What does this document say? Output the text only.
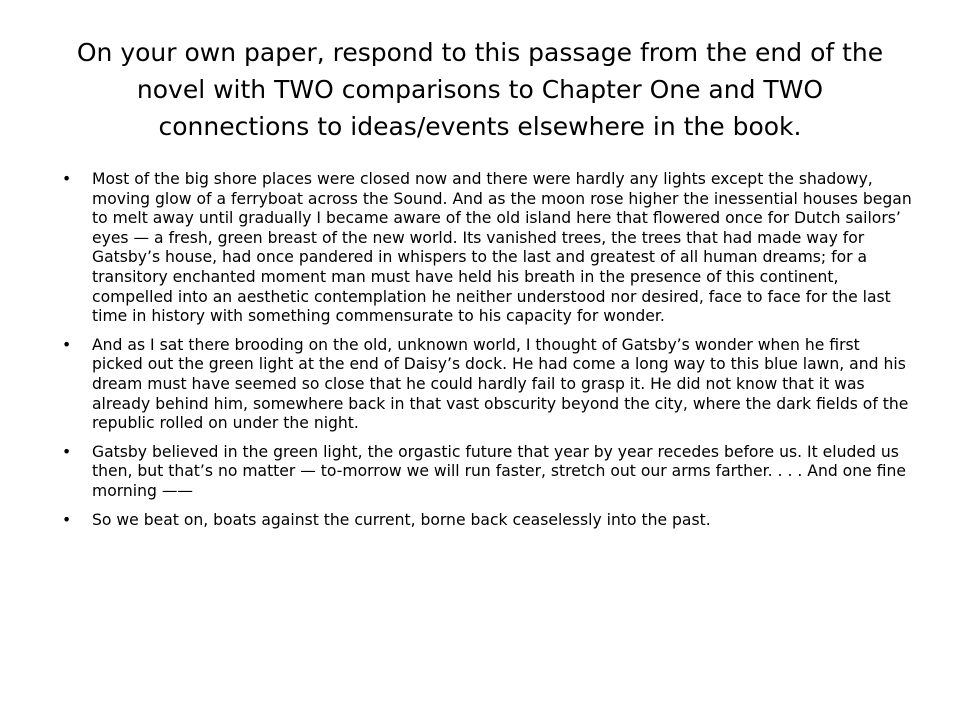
On your own paper, respond to this passage from the end of the novel with TWO comparisons to Chapter One and TWO connections to ideas/events elsewhere in the book.
• Most of the big shore places were closed now and there were hardly any lights except the shadowy, moving glow of a ferryboat across the Sound. And as the moon rose higher the inessential houses began to melt away until gradually I became aware of the old island here that flowered once for Dutch sailors’ eyes — a fresh, green breast of the new world. Its vanished trees, the trees that had made way for Gatsby’s house, had once pandered in whispers to the last and greatest of all human dreams; for a transitory enchanted moment man must have held his breath in the presence of this continent, compelled into an aesthetic contemplation he neither understood nor desired, face to face for the last time in history with something commensurate to his capacity for wonder.
• And as I sat there brooding on the old, unknown world, I thought of Gatsby’s wonder when he first picked out the green light at the end of Daisy’s dock. He had come a long way to this blue lawn, and his dream must have seemed so close that he could hardly fail to grasp it. He did not know that it was already behind him, somewhere back in that vast obscurity beyond the city, where the dark fields of the republic rolled on under the night.
• Gatsby believed in the green light, the orgastic future that year by year recedes before us. It eluded us then, but that’s no matter — to-morrow we will run faster, stretch out our arms farther. . . . And one fine morning ——
• So we beat on, boats against the current, borne back ceaselessly into the past.
